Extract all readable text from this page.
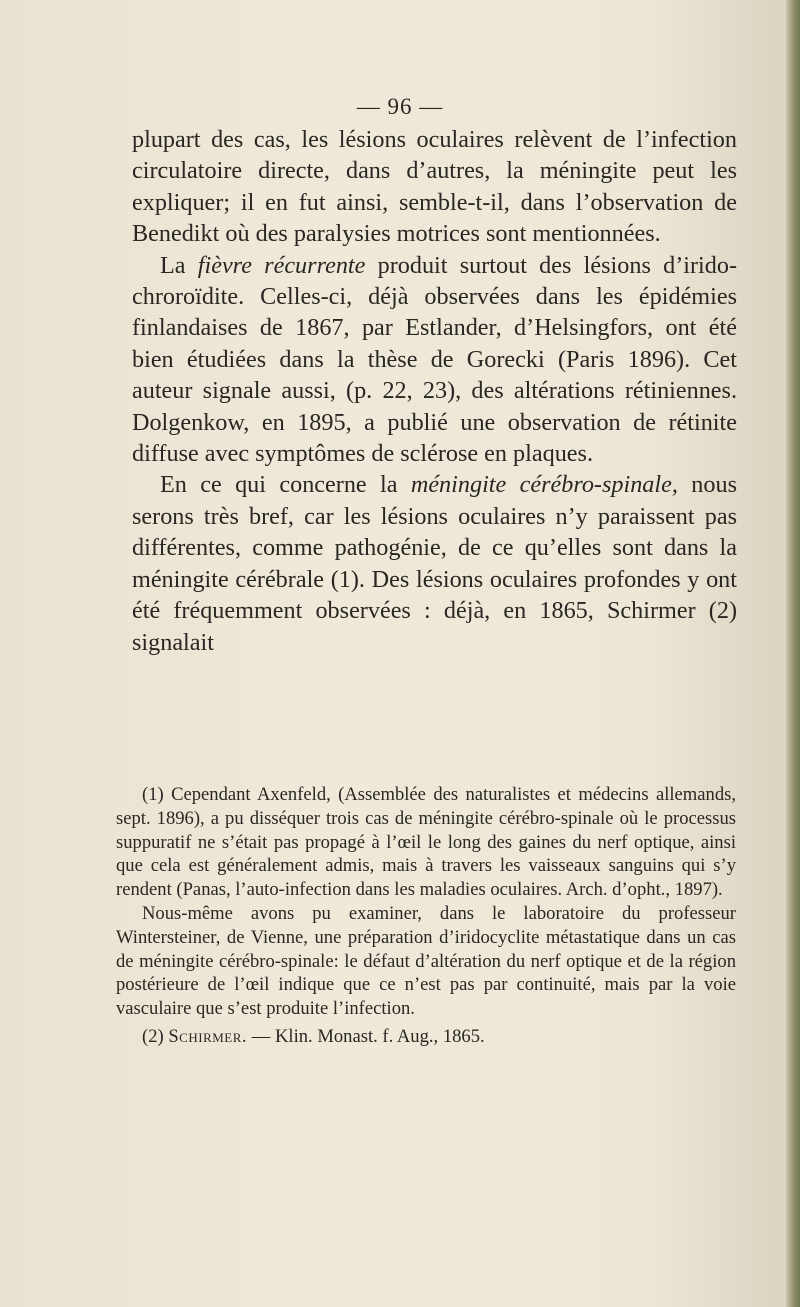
— 96 —

plupart des cas, les lésions oculaires relèvent de l’infection circulatoire directe, dans d’autres, la méningite peut les expliquer; il en fut ainsi, semble-t-il, dans l’observation de Benedikt où des paralysies motrices sont mentionnées.

La fièvre récurrente produit surtout des lésions d’irido-chroroïdite. Celles-ci, déjà observées dans les épidémies finlandaises de 1867, par Estlander, d’Helsingfors, ont été bien étudiées dans la thèse de Gorecki (Paris 1896). Cet auteur signale aussi, (p. 22, 23), des altérations rétiniennes. Dolgenkow, en 1895, a publié une observation de rétinite diffuse avec symptômes de sclérose en plaques.

En ce qui concerne la méningite cérébro-spinale, nous serons très bref, car les lésions oculaires n’y paraissent pas différentes, comme pathogénie, de ce qu’elles sont dans la méningite cérébrale (1). Des lésions oculaires profondes y ont été fréquemment observées : déjà, en 1865, Schirmer (2) signalait

(1) Cependant Axenfeld, (Assemblée des naturalistes et médecins allemands, sept. 1896), a pu disséquer trois cas de méningite cérébro-spinale où le processus suppuratif ne s’était pas propagé à l’œil le long des gaines du nerf optique, ainsi que cela est généralement admis, mais à travers les vaisseaux sanguins qui s’y rendent (Panas, l’auto-infection dans les maladies oculaires. Arch. d’opht., 1897).

Nous-même avons pu examiner, dans le laboratoire du professeur Wintersteiner, de Vienne, une préparation d’iridocyclite métastatique dans un cas de méningite cérébro-spinale: le défaut d’altération du nerf optique et de la région postérieure de l’œil indique que ce n’est pas par continuité, mais par la voie vasculaire que s’est produite l’infection.

(2) Schirmer. — Klin. Monast. f. Aug., 1865.
